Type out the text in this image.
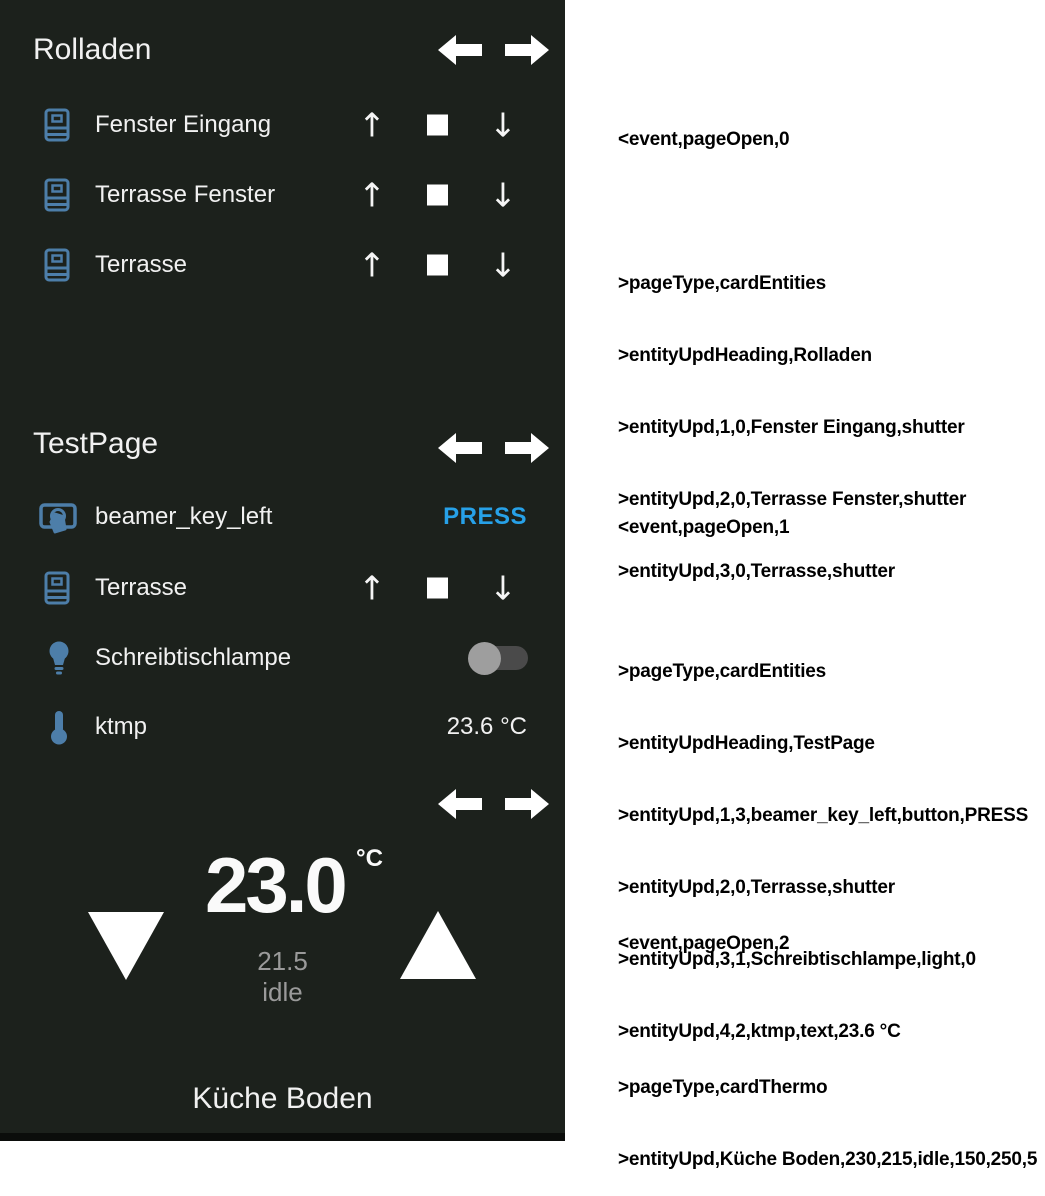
Rolladen
Fenster Eingang	↑	↓
Terrasse Fenster	↑	↓
Terrasse	↑	↓
TestPage
beamer_key_left	PRESS
Terrasse	↑	↓
Schreibtischlampe
ktmp	23.6 °C
23.0 °C
21.5
idle
Küche Boden

<event,pageOpen,0

>pageType,cardEntities

>entityUpdHeading,Rolladen

>entityUpd,1,0,Fenster Eingang,shutter

>entityUpd,2,0,Terrasse Fenster,shutter

>entityUpd,3,0,Terrasse,shutter

<event,pageOpen,1

>pageType,cardEntities

>entityUpdHeading,TestPage

>entityUpd,1,3,beamer_key_left,button,PRESS

>entityUpd,2,0,Terrasse,shutter

>entityUpd,3,1,Schreibtischlampe,light,0

>entityUpd,4,2,ktmp,text,23.6 °C

<event,pageOpen,2

>pageType,cardThermo

>entityUpd,Küche Boden,230,215,idle,150,250,5
